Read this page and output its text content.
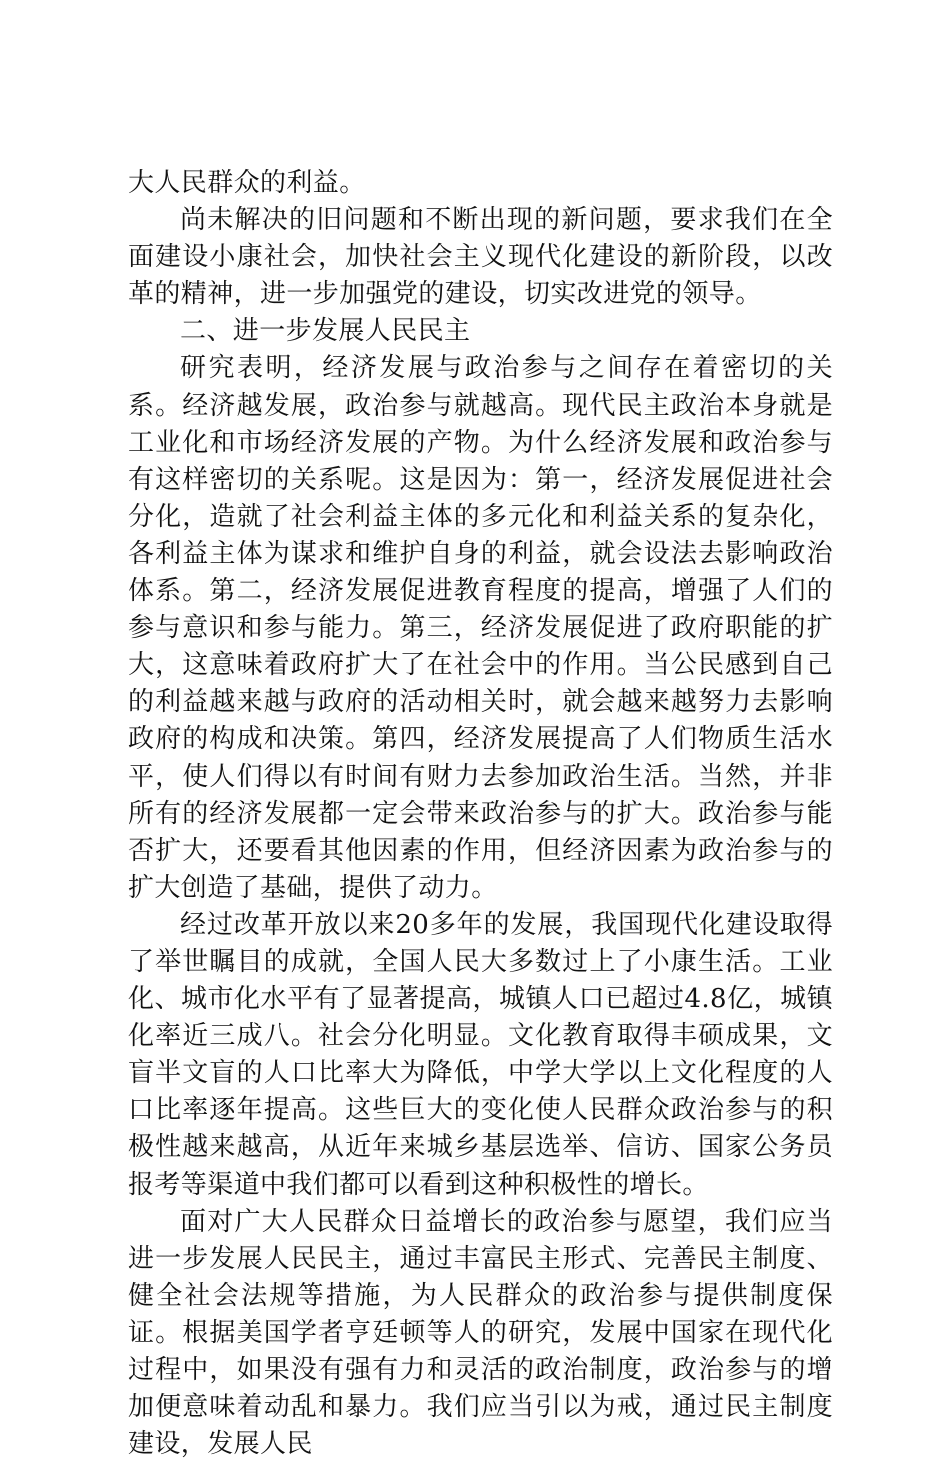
大人民群众的利益。

尚未解决的旧问题和不断出现的新问题，要求我们在全面建设小康社会，加快社会主义现代化建设的新阶段，以改革的精神，进一步加强党的建设，切实改进党的领导。

二、进一步发展人民民主

研究表明，经济发展与政治参与之间存在着密切的关系。经济越发展，政治参与就越高。现代民主政治本身就是工业化和市场经济发展的产物。为什么经济发展和政治参与有这样密切的关系呢。这是因为：第一，经济发展促进社会分化，造就了社会利益主体的多元化和利益关系的复杂化，各利益主体为谋求和维护自身的利益，就会设法去影响政治体系。第二，经济发展促进教育程度的提高，增强了人们的参与意识和参与能力。第三，经济发展促进了政府职能的扩大，这意味着政府扩大了在社会中的作用。当公民感到自己的利益越来越与政府的活动相关时，就会越来越努力去影响政府的构成和决策。第四，经济发展提高了人们物质生活水平，使人们得以有时间有财力去参加政治生活。当然，并非所有的经济发展都一定会带来政治参与的扩大。政治参与能否扩大，还要看其他因素的作用，但经济因素为政治参与的扩大创造了基础，提供了动力。

经过改革开放以来20多年的发展，我国现代化建设取得了举世瞩目的成就，全国人民大多数过上了小康生活。工业化、城市化水平有了显著提高，城镇人口已超过4.8亿，城镇化率近三成八。社会分化明显。文化教育取得丰硕成果，文盲半文盲的人口比率大为降低，中学大学以上文化程度的人口比率逐年提高。这些巨大的变化使人民群众政治参与的积极性越来越高，从近年来城乡基层选举、信访、国家公务员报考等渠道中我们都可以看到这种积极性的增长。

面对广大人民群众日益增长的政治参与愿望，我们应当进一步发展人民民主，通过丰富民主形式、完善民主制度、健全社会法规等措施，为人民群众的政治参与提供制度保证。根据美国学者亨廷顿等人的研究，发展中国家在现代化过程中，如果没有强有力和灵活的政治制度，政治参与的增加便意味着动乱和暴力。我们应当引以为戒，通过民主制度建设，发展人民
